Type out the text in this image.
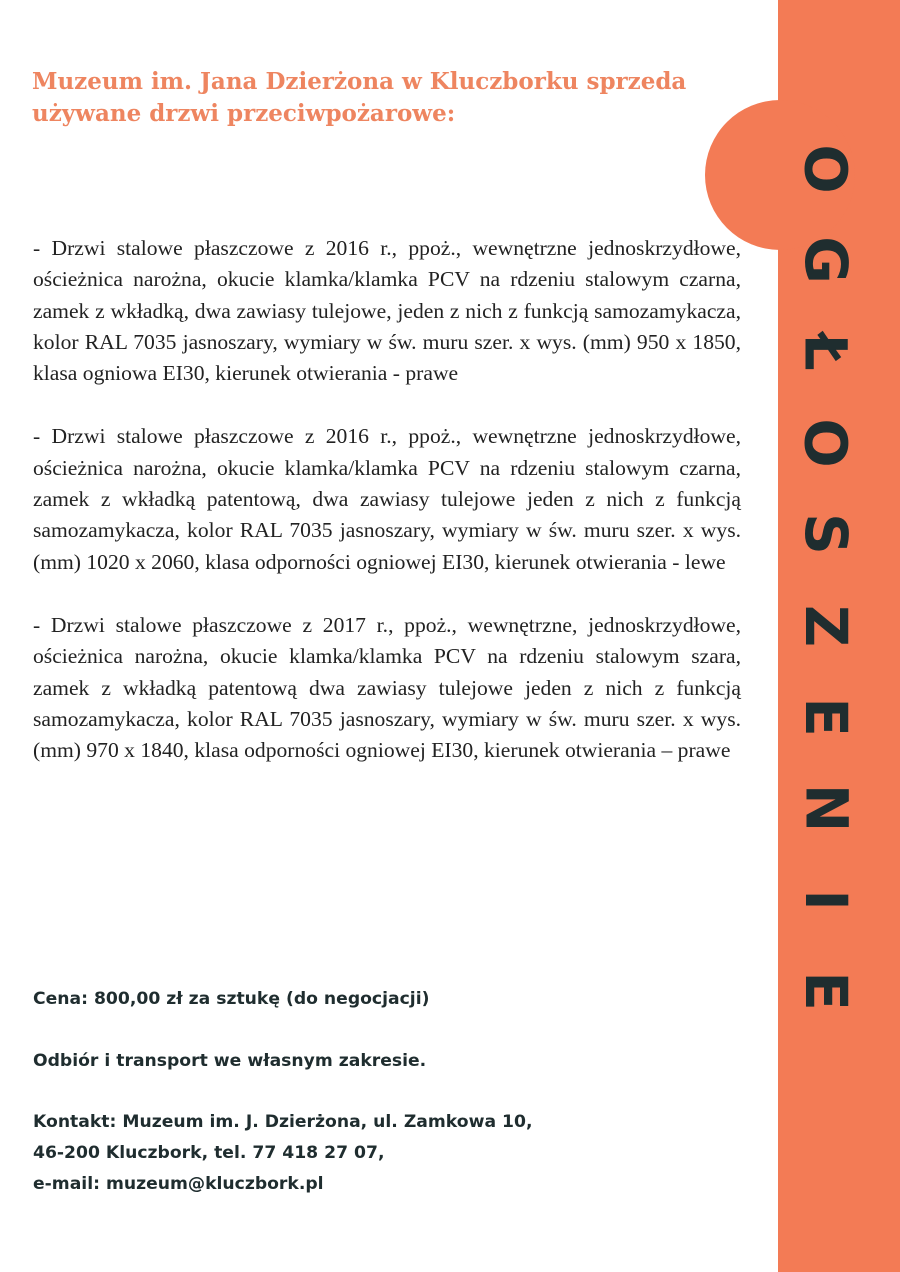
O
G
Ł
O
S
Z
E
N
I
E
Muzeum im. Jana Dzierżona w Kluczborku sprzeda używane drzwi przeciwpożarowe:

- Drzwi stalowe płaszczowe z 2016 r., ppoż., wewnętrzne jednoskrzydłowe, ościeżnica narożna, okucie klamka/klamka PCV na rdzeniu stalowym czarna, zamek z wkładką, dwa zawiasy tulejowe, jeden z nich z funkcją samozamykacza, kolor RAL 7035 jasnoszary, wymiary w św. muru szer. x wys. (mm) 950 x 1850, klasa ogniowa EI30, kierunek otwierania - prawe

- Drzwi stalowe płaszczowe z 2016 r., ppoż., wewnętrzne jednoskrzydłowe, ościeżnica narożna, okucie klamka/klamka PCV na rdzeniu stalowym czarna, zamek z wkładką patentową, dwa zawiasy tulejowe jeden z nich z funkcją samozamykacza, kolor RAL 7035 jasnoszary, wymiary w św. muru szer. x wys. (mm) 1020 x 2060, klasa odporności ogniowej EI30, kierunek otwierania - lewe

- Drzwi stalowe płaszczowe z 2017 r., ppoż., wewnętrzne, jednoskrzydłowe, ościeżnica narożna, okucie klamka/klamka PCV na rdzeniu stalowym szara, zamek z wkładką patentową dwa zawiasy tulejowe jeden z nich z funkcją samozamykacza, kolor RAL 7035 jasnoszary, wymiary w św. muru szer. x wys. (mm) 970 x 1840, klasa odporności ogniowej EI30, kierunek otwierania – prawe

Cena: 800,00 zł za sztukę (do negocjacji)

Odbiór i transport we własnym zakresie.

Kontakt: Muzeum im. J. Dzierżona, ul. Zamkowa 10,
46-200 Kluczbork, tel. 77 418 27 07,
e-mail: muzeum@kluczbork.pl
